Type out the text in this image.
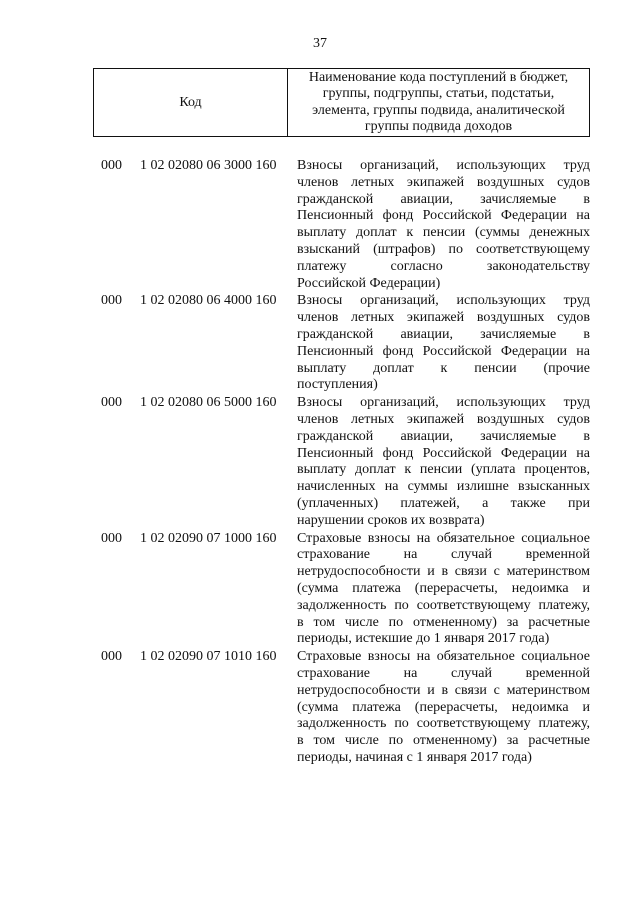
37
Код
Наименование кода поступлений в бюджет, группы, подгруппы, статьи, подстатьи, элемента, группы подвида, аналитической группы подвида доходов
000 1 02 02080 06 3000 160 Взносы организаций, использующих труд
членов летных экипажей воздушных судов
гражданской авиации, зачисляемые в
Пенсионный фонд Российской Федерации на
выплату доплат к пенсии (суммы денежных
взысканий (штрафов) по соответствующему
платежу согласно законодательству
Российской Федерации)
000 1 02 02080 06 4000 160 Взносы организаций, использующих труд
членов летных экипажей воздушных судов
гражданской авиации, зачисляемые в
Пенсионный фонд Российской Федерации на
выплату доплат к пенсии (прочие
поступления)
000 1 02 02080 06 5000 160 Взносы организаций, использующих труд
членов летных экипажей воздушных судов
гражданской авиации, зачисляемые в
Пенсионный фонд Российской Федерации на
выплату доплат к пенсии (уплата процентов,
начисленных на суммы излишне взысканных
(уплаченных) платежей, а также при
нарушении сроков их возврата)
000 1 02 02090 07 1000 160 Страховые взносы на обязательное социальное
страхование на случай временной
нетрудоспособности и в связи с материнством
(сумма платежа (перерасчеты, недоимка и
задолженность по соответствующему платежу,
в том числе по отмененному) за расчетные
периоды, истекшие до 1 января 2017 года)
000 1 02 02090 07 1010 160 Страховые взносы на обязательное социальное
страхование на случай временной
нетрудоспособности и в связи с материнством
(сумма платежа (перерасчеты, недоимка и
задолженность по соответствующему платежу,
в том числе по отмененному) за расчетные
периоды, начиная с 1 января 2017 года)
